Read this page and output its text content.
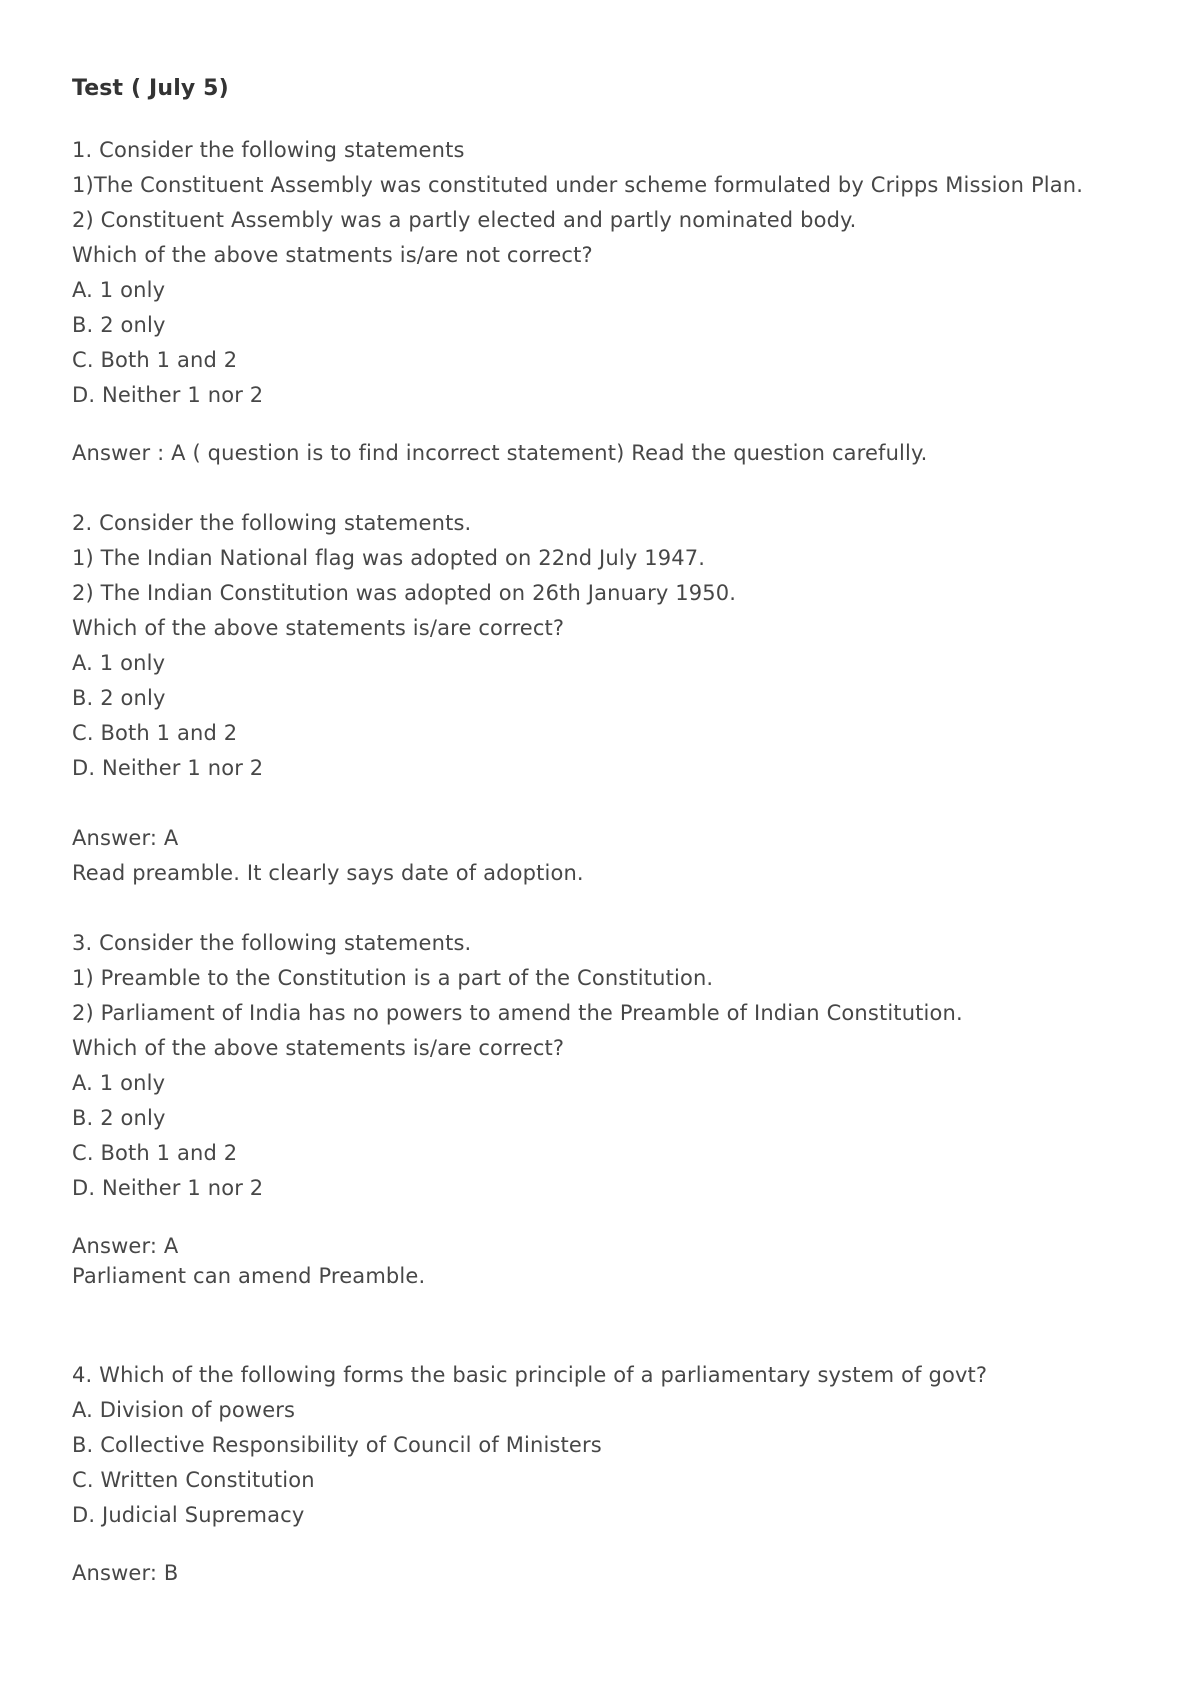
Test ( July 5)
1. Consider the following statements
1)The Constituent Assembly was constituted under scheme formulated by Cripps Mission Plan.
2) Constituent Assembly was a partly elected and partly nominated body.
Which of the above statments is/are not correct?
A. 1 only
B. 2 only
C. Both 1 and 2
D. Neither 1 nor 2
Answer : A ( question is to find incorrect statement) Read the question carefully.
2. Consider the following statements.
1) The Indian National flag was adopted on 22nd July 1947.
2) The Indian Constitution was adopted on 26th January 1950.
Which of the above statements is/are correct?
A. 1 only
B. 2 only
C. Both 1 and 2
D. Neither 1 nor 2
Answer: A
Read preamble. It clearly says date of adoption.
3. Consider the following statements.
1) Preamble to the Constitution is a part of the Constitution.
2) Parliament of India has no powers to amend the Preamble of Indian Constitution.
Which of the above statements is/are correct?
A. 1 only
B. 2 only
C. Both 1 and 2
D. Neither 1 nor 2
Answer: A
Parliament can amend Preamble.
4. Which of the following forms the basic principle of a parliamentary system of govt?
A. Division of powers
B. Collective Responsibility of Council of Ministers
C. Written Constitution
D. Judicial Supremacy
Answer: B
